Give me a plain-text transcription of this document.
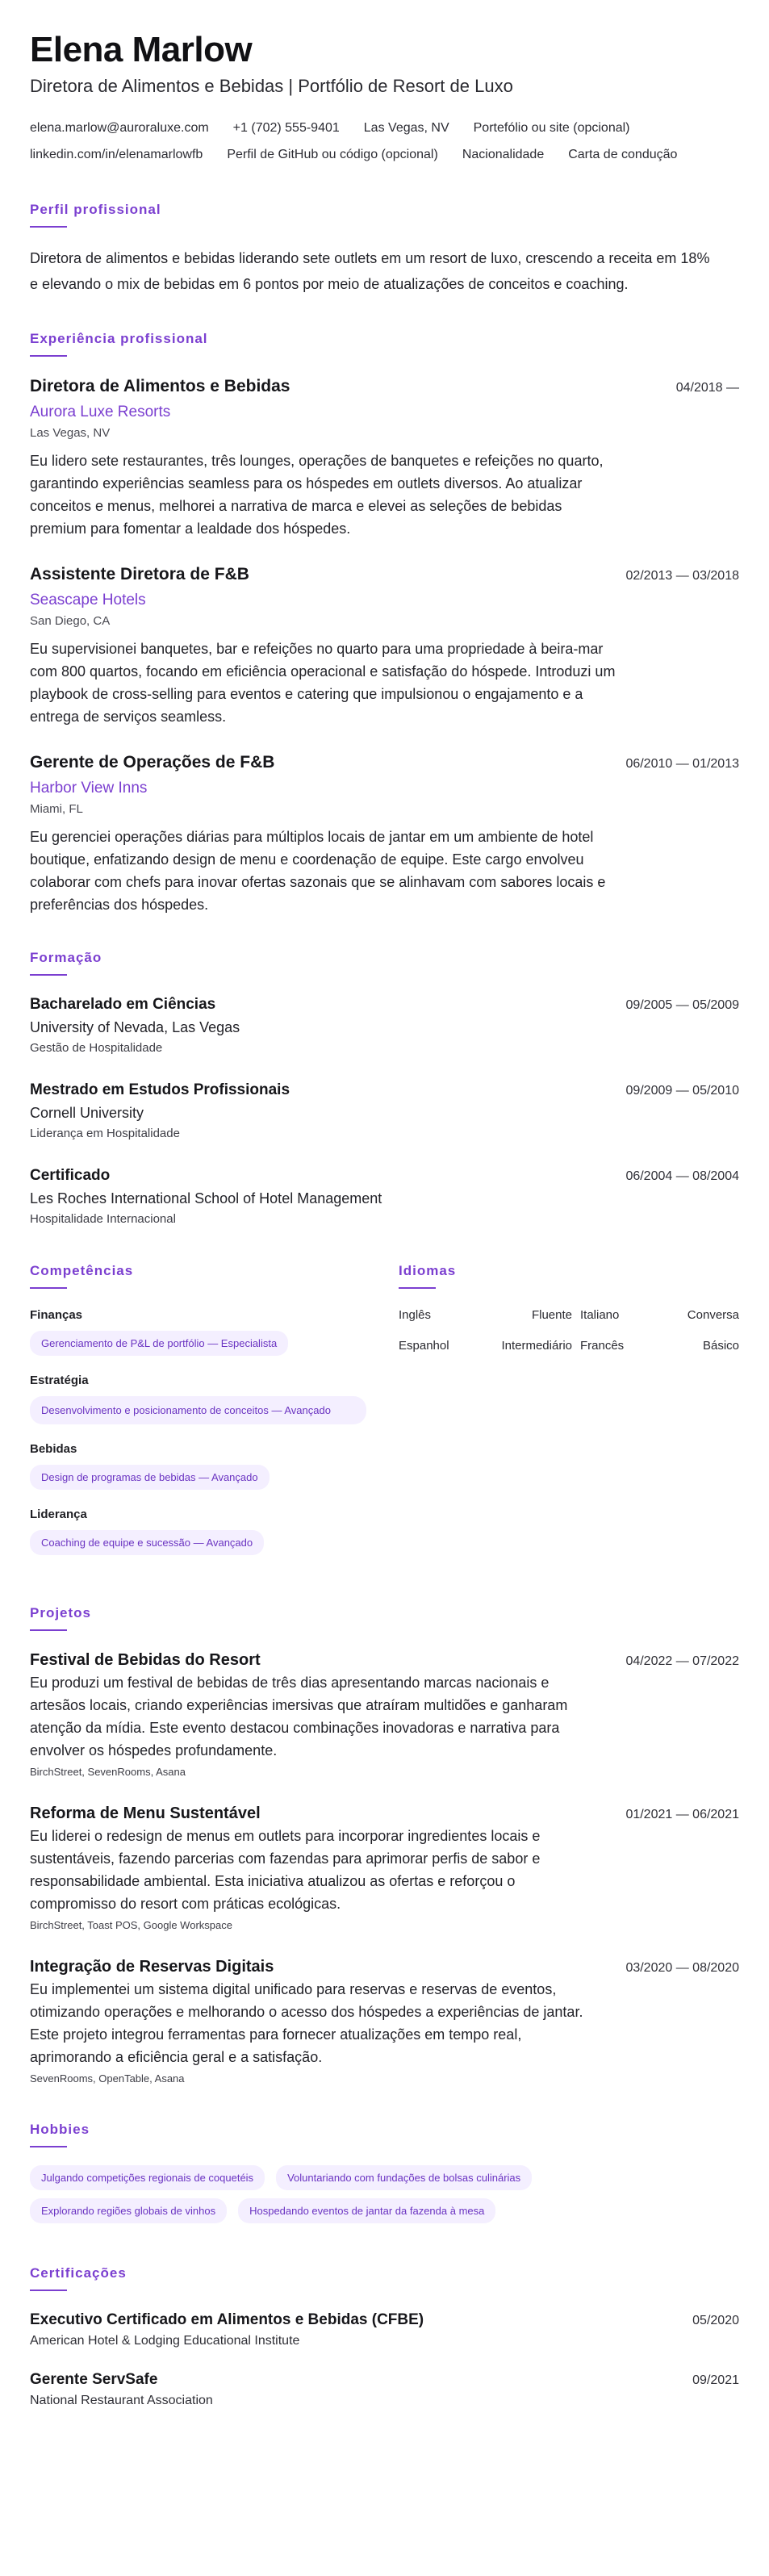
Elena Marlow
Diretora de Alimentos e Bebidas | Portfólio de Resort de Luxo
elena.marlow@auroraluxe.com +1 (702) 555-9401 Las Vegas, NV Portefólio ou site (opcional)
linkedin.com/in/elenamarlowfb Perfil de GitHub ou código (opcional) Nacionalidade Carta de condução
Perfil profissional
Diretora de alimentos e bebidas liderando sete outlets em um resort de luxo, crescendo a receita em 18% e elevando o mix de bebidas em 6 pontos por meio de atualizações de conceitos e coaching.
Experiência profissional
Diretora de Alimentos e Bebidas	04/2018 —
Aurora Luxe Resorts
Las Vegas, NV
Eu lidero sete restaurantes, três lounges, operações de banquetes e refeições no quarto, garantindo experiências seamless para os hóspedes em outlets diversos. Ao atualizar conceitos e menus, melhorei a narrativa de marca e elevei as seleções de bebidas premium para fomentar a lealdade dos hóspedes.
Assistente Diretora de F&B	02/2013 — 03/2018
Seascape Hotels
San Diego, CA
Eu supervisionei banquetes, bar e refeições no quarto para uma propriedade à beira-mar com 800 quartos, focando em eficiência operacional e satisfação do hóspede. Introduzi um playbook de cross-selling para eventos e catering que impulsionou o engajamento e a entrega de serviços seamless.
Gerente de Operações de F&B	06/2010 — 01/2013
Harbor View Inns
Miami, FL
Eu gerenciei operações diárias para múltiplos locais de jantar em um ambiente de hotel boutique, enfatizando design de menu e coordenação de equipe. Este cargo envolveu colaborar com chefs para inovar ofertas sazonais que se alinhavam com sabores locais e preferências dos hóspedes.
Formação
Bacharelado em Ciências	09/2005 — 05/2009
University of Nevada, Las Vegas
Gestão de Hospitalidade
Mestrado em Estudos Profissionais	09/2009 — 05/2010
Cornell University
Liderança em Hospitalidade
Certificado	06/2004 — 08/2004
Les Roches International School of Hotel Management
Hospitalidade Internacional
Competências
Finanças
Gerenciamento de P&L de portfólio — Especialista
Estratégia
Desenvolvimento e posicionamento de conceitos — Avançado
Bebidas
Design de programas de bebidas — Avançado
Liderança
Coaching de equipe e sucessão — Avançado
Idiomas
Inglês	Fluente Italiano	Conversa
Espanhol	Intermediário Francês	Básico
Projetos
Festival de Bebidas do Resort	04/2022 — 07/2022
Eu produzi um festival de bebidas de três dias apresentando marcas nacionais e artesãos locais, criando experiências imersivas que atraíram multidões e ganharam atenção da mídia. Este evento destacou combinações inovadoras e narrativa para envolver os hóspedes profundamente.
BirchStreet, SevenRooms, Asana
Reforma de Menu Sustentável	01/2021 — 06/2021
Eu liderei o redesign de menus em outlets para incorporar ingredientes locais e sustentáveis, fazendo parcerias com fazendas para aprimorar perfis de sabor e responsabilidade ambiental. Esta iniciativa atualizou as ofertas e reforçou o compromisso do resort com práticas ecológicas.
BirchStreet, Toast POS, Google Workspace
Integração de Reservas Digitais	03/2020 — 08/2020
Eu implementei um sistema digital unificado para reservas e reservas de eventos, otimizando operações e melhorando o acesso dos hóspedes a experiências de jantar. Este projeto integrou ferramentas para fornecer atualizações em tempo real, aprimorando a eficiência geral e a satisfação.
SevenRooms, OpenTable, Asana
Hobbies
Julgando competições regionais de coquetéis	Voluntariando com fundações de bolsas culinárias
Explorando regiões globais de vinhos	Hospedando eventos de jantar da fazenda à mesa
Certificações
Executivo Certificado em Alimentos e Bebidas (CFBE)	05/2020
American Hotel & Lodging Educational Institute
Gerente ServSafe	09/2021
National Restaurant Association
